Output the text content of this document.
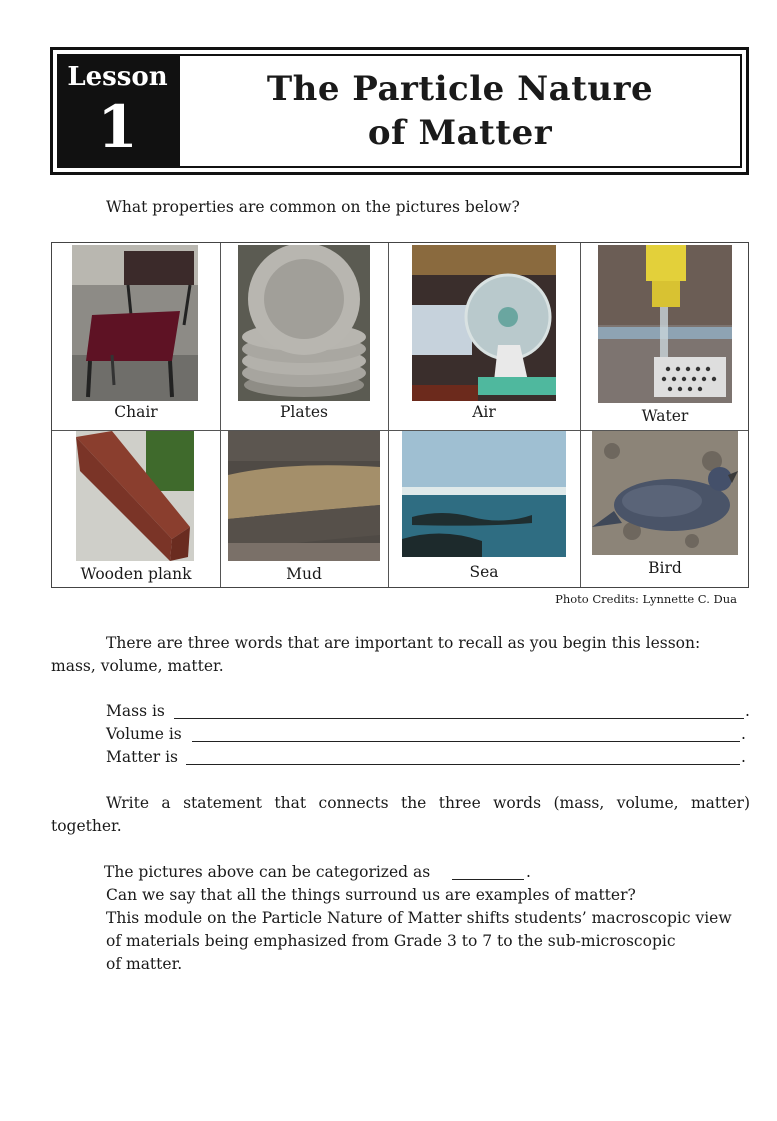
Lesson
1
The Particle Nature
of Matter
What properties are common on the pictures below?
Chair	Plates	Air	Water
Wooden plank	Mud	Sea	Bird
Photo Credits: Lynnette C. Dua
There are three words that are important to recall as you begin this lesson:
mass, volume, matter.
Mass is	.
Volume is	.
Matter is	.
Write a statement that connects the three words (mass, volume, matter)
together.
The pictures above can be categorized as	.
Can we say that all the things surround us are examples of matter?
This module on the Particle Nature of Matter shifts students’ macroscopic view
of materials being emphasized from Grade 3 to 7 to the sub-microscopic
of matter.
